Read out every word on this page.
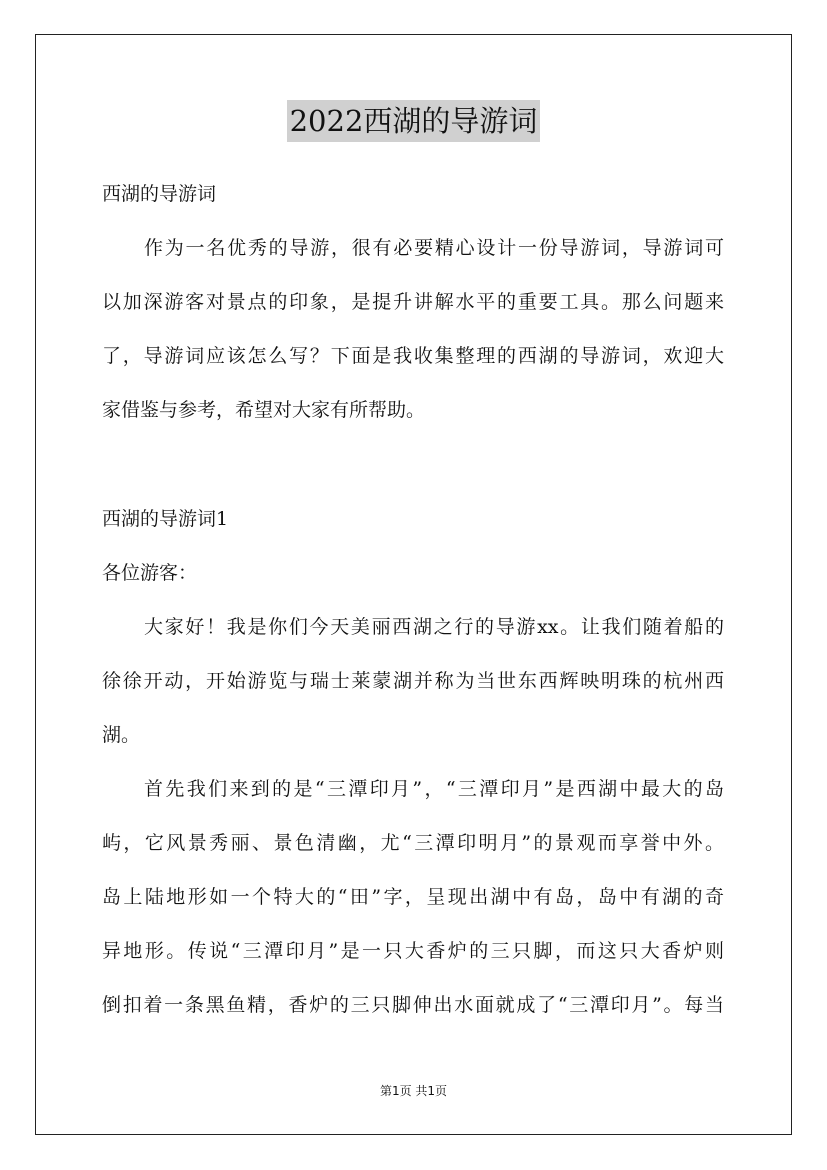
2022西湖的导游词
西湖的导游词
作为一名优秀的导游，很有必要精心设计一份导游词，导游词可
以加深游客对景点的印象，是提升讲解水平的重要工具。那么问题来
了，导游词应该怎么写？下面是我收集整理的西湖的导游词，欢迎大
家借鉴与参考，希望对大家有所帮助。
西湖的导游词1
各位游客：
大家好！我是你们今天美丽西湖之行的导游xx。让我们随着船的
徐徐开动，开始游览与瑞士莱蒙湖并称为当世东西辉映明珠的杭州西
湖。
首先我们来到的是“三潭印月”，“三潭印月”是西湖中最大的岛
屿，它风景秀丽、景色清幽，尤“三潭印明月”的景观而享誉中外。
岛上陆地形如一个特大的“田”字，呈现出湖中有岛，岛中有湖的奇
异地形。传说“三潭印月”是一只大香炉的三只脚，而这只大香炉则
倒扣着一条黑鱼精，香炉的三只脚伸出水面就成了“三潭印月”。每当
第1页 共1页
